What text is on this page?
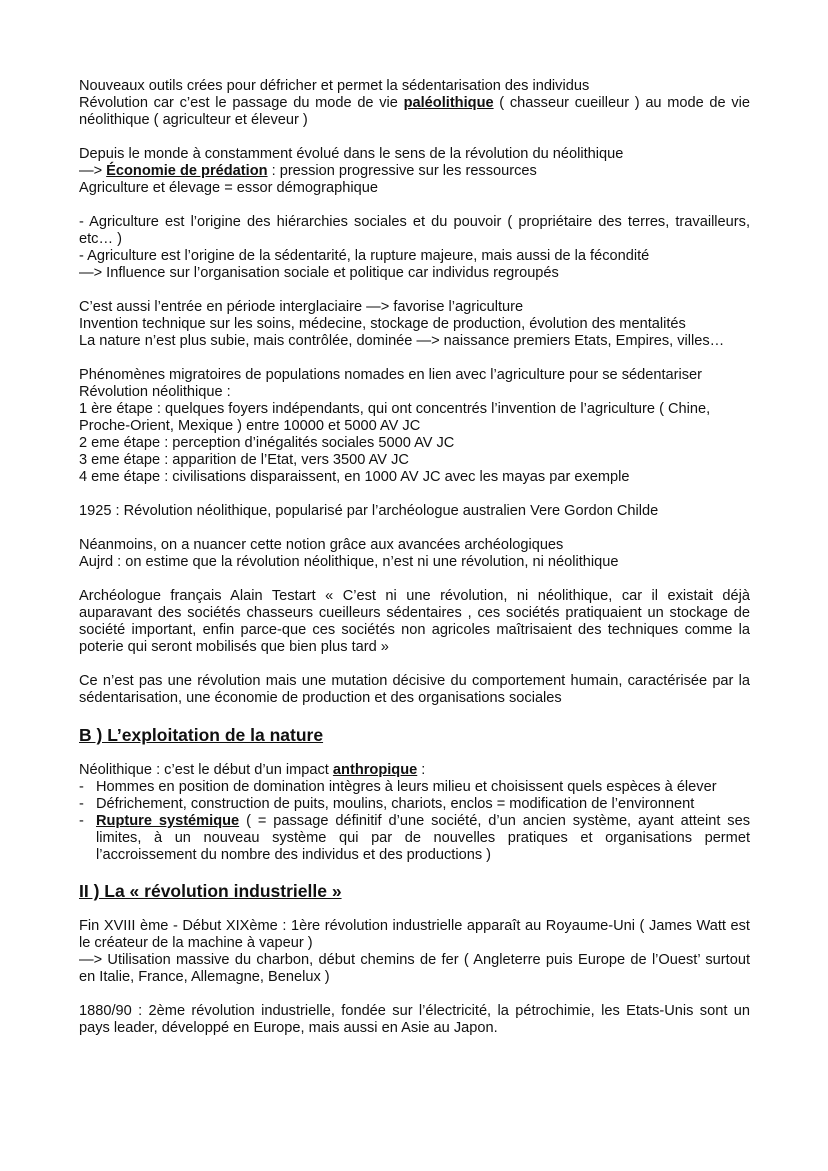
Nouveaux outils crées pour défricher et permet la sédentarisation des individus

Révolution car c’est le passage du mode de vie paléolithique ( chasseur cueilleur ) au mode de vie néolithique ( agriculteur et éleveur )

Depuis le monde à constamment évolué dans le sens de la révolution du néolithique

—> Économie de prédation : pression progressive sur les ressources

Agriculture et élevage = essor démographique

- Agriculture est l’origine des hiérarchies sociales et du pouvoir ( propriétaire des terres, travailleurs, etc… )

- Agriculture est l’origine de la sédentarité, la rupture majeure, mais aussi de la fécondité

—> Influence sur l’organisation sociale et politique car individus regroupés

C’est aussi l’entrée en période interglaciaire —> favorise l’agriculture

Invention technique sur les soins, médecine, stockage de production, évolution des mentalités

La nature n’est plus subie, mais contrôlée, dominée —> naissance premiers Etats, Empires, villes…

Phénomènes migratoires de populations nomades en lien avec l’agriculture pour se sédentariser

Révolution néolithique :

1 ère étape : quelques foyers indépendants, qui ont concentrés l’invention de l’agriculture ( Chine, Proche-Orient, Mexique ) entre 10000 et 5000 AV JC

2 eme étape : perception d’inégalités sociales 5000 AV JC

3 eme étape : apparition de l’Etat, vers 3500 AV JC

4 eme étape : civilisations disparaissent, en 1000 AV JC avec les mayas par exemple

1925 : Révolution néolithique, popularisé par l’archéologue australien Vere Gordon Childe

Néanmoins, on a nuancer cette notion grâce aux avancées archéologiques

Aujrd : on estime que la révolution néolithique, n’est ni une révolution, ni néolithique

Archéologue français Alain Testart « C’est ni une révolution, ni néolithique, car il existait déjà auparavant des sociétés chasseurs cueilleurs sédentaires , ces sociétés pratiquaient un stockage de société important, enfin parce-que ces sociétés non agricoles maîtrisaient des techniques comme la poterie qui seront mobilisés que bien plus tard »

Ce n’est pas une révolution mais une mutation décisive du comportement humain, caractérisée par la sédentarisation, une économie de production et des organisations sociales

B ) L’exploitation de la nature

Néolithique : c’est le début d’un impact anthropique :

- Hommes en position de domination intègres à leurs milieu et choisissent quels espèces à élever
- Défrichement, construction de puits, moulins, chariots, enclos = modification de l’environnent
- Rupture systémique ( = passage définitif d’une société, d’un ancien système, ayant atteint ses limites, à un nouveau système qui par de nouvelles pratiques et organisations permet l’accroissement du nombre des individus et des productions )
II ) La « révolution industrielle »

Fin XVIII ème - Début XIXème : 1ère révolution industrielle apparaît au Royaume-Uni ( James Watt est le créateur de la machine à vapeur )

—> Utilisation massive du charbon, début chemins de fer ( Angleterre puis Europe de l’Ouest’ surtout en Italie, France, Allemagne, Benelux )

1880/90 : 2ème révolution industrielle, fondée sur l’électricité, la pétrochimie, les Etats-Unis sont un pays leader, développé en Europe, mais aussi en Asie au Japon.
